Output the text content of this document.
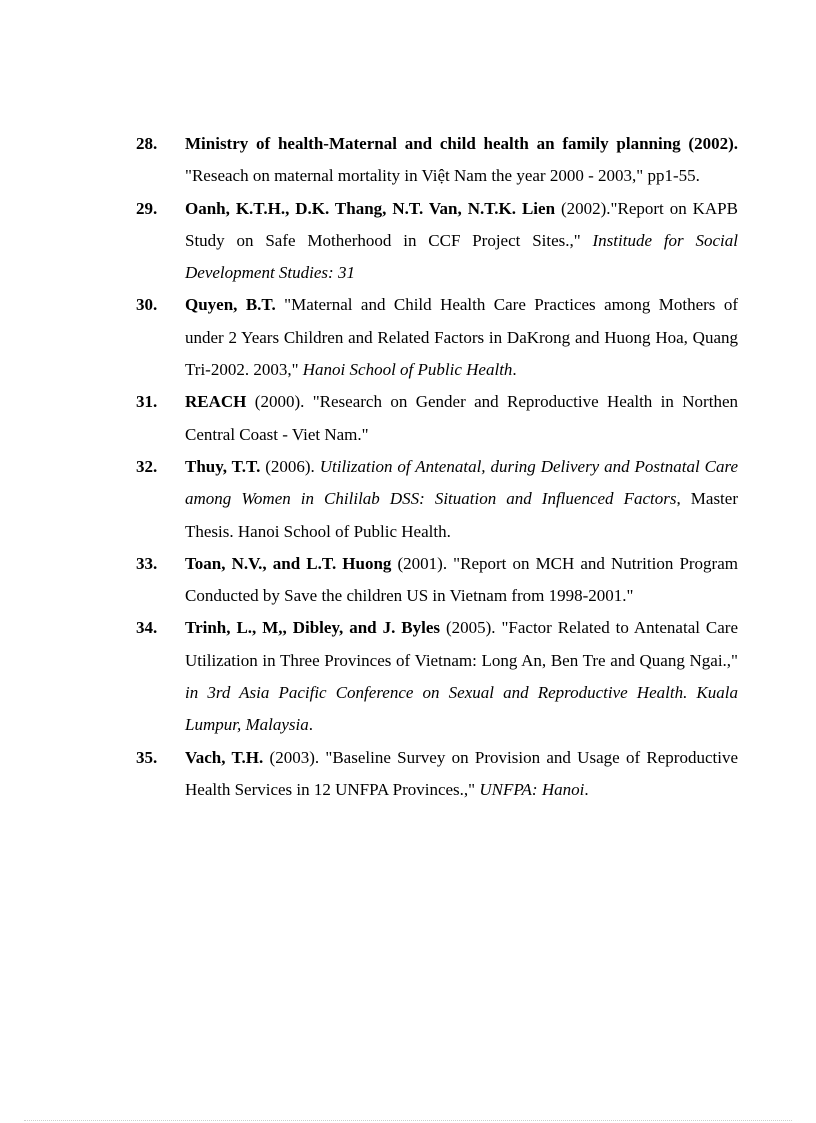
28.	Ministry of health-Maternal and child health an family planning (2002). "Reseach on maternal mortality in Việt Nam the year 2000 - 2003," pp1-55.
29.	Oanh, K.T.H., D.K. Thang, N.T. Van, N.T.K. Lien (2002)."Report on KAPB Study on Safe Motherhood in CCF Project Sites.," Institude for Social Development Studies: 31
30.	Quyen, B.T. "Maternal and Child Health Care Practices among Mothers of under 2 Years Children and Related Factors in DaKrong and Huong Hoa, Quang Tri-2002. 2003," Hanoi School of Public Health.
31.	REACH (2000). "Research on Gender and Reproductive Health in Northen Central Coast - Viet Nam."
32.	Thuy, T.T. (2006). Utilization of Antenatal, during Delivery and Postnatal Care among Women in Chililab DSS: Situation and Influenced Factors, Master Thesis. Hanoi School of Public Health.
33.	Toan, N.V., and L.T. Huong (2001). "Report on MCH and Nutrition Program Conducted by Save the children US in Vietnam from 1998-2001."
34.	Trinh, L., M,, Dibley, and J. Byles (2005). "Factor Related to Antenatal Care Utilization in Three Provinces of Vietnam: Long An, Ben Tre and Quang Ngai.," in 3rd Asia Pacific Conference on Sexual and Reproductive Health. Kuala Lumpur, Malaysia.
35.	Vach, T.H. (2003). "Baseline Survey on Provision and Usage of Reproductive Health Services in 12 UNFPA Provinces.," UNFPA: Hanoi.
